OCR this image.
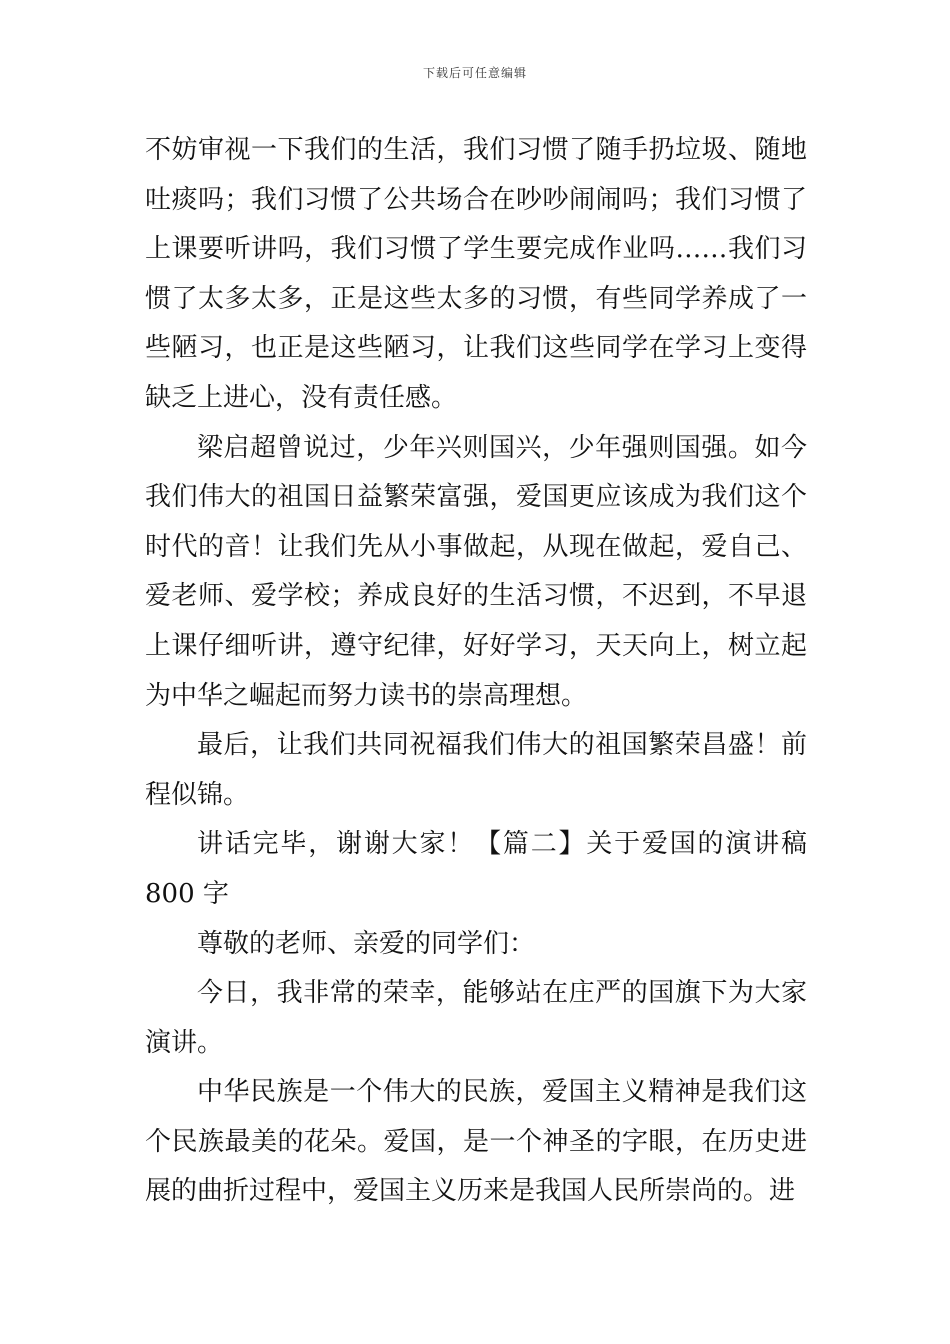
下载后可任意编辑

不妨审视一下我们的生活，我们习惯了随手扔垃圾、随地吐痰吗；我们习惯了公共场合在吵吵闹闹吗；我们习惯了上课要听讲吗，我们习惯了学生要完成作业吗……我们习惯了太多太多，正是这些太多的习惯，有些同学养成了一些陋习，也正是这些陋习，让我们这些同学在学习上变得缺乏上进心，没有责任感。

梁启超曾说过，少年兴则国兴，少年强则国强。如今我们伟大的祖国日益繁荣富强，爱国更应该成为我们这个时代的音！让我们先从小事做起，从现在做起，爱自己、爱老师、爱学校；养成良好的生活习惯，不迟到，不早退上课仔细听讲，遵守纪律，好好学习，天天向上，树立起为中华之崛起而努力读书的崇高理想。

最后，让我们共同祝福我们伟大的祖国繁荣昌盛！前程似锦。

讲话完毕，谢谢大家！【篇二】关于爱国的演讲稿 800 字

尊敬的老师、亲爱的同学们：

今日，我非常的荣幸，能够站在庄严的国旗下为大家演讲。

中华民族是一个伟大的民族，爱国主义精神是我们这个民族最美的花朵。爱国，是一个神圣的字眼，在历史进展的曲折过程中，爱国主义历来是我国人民所崇尚的。进
